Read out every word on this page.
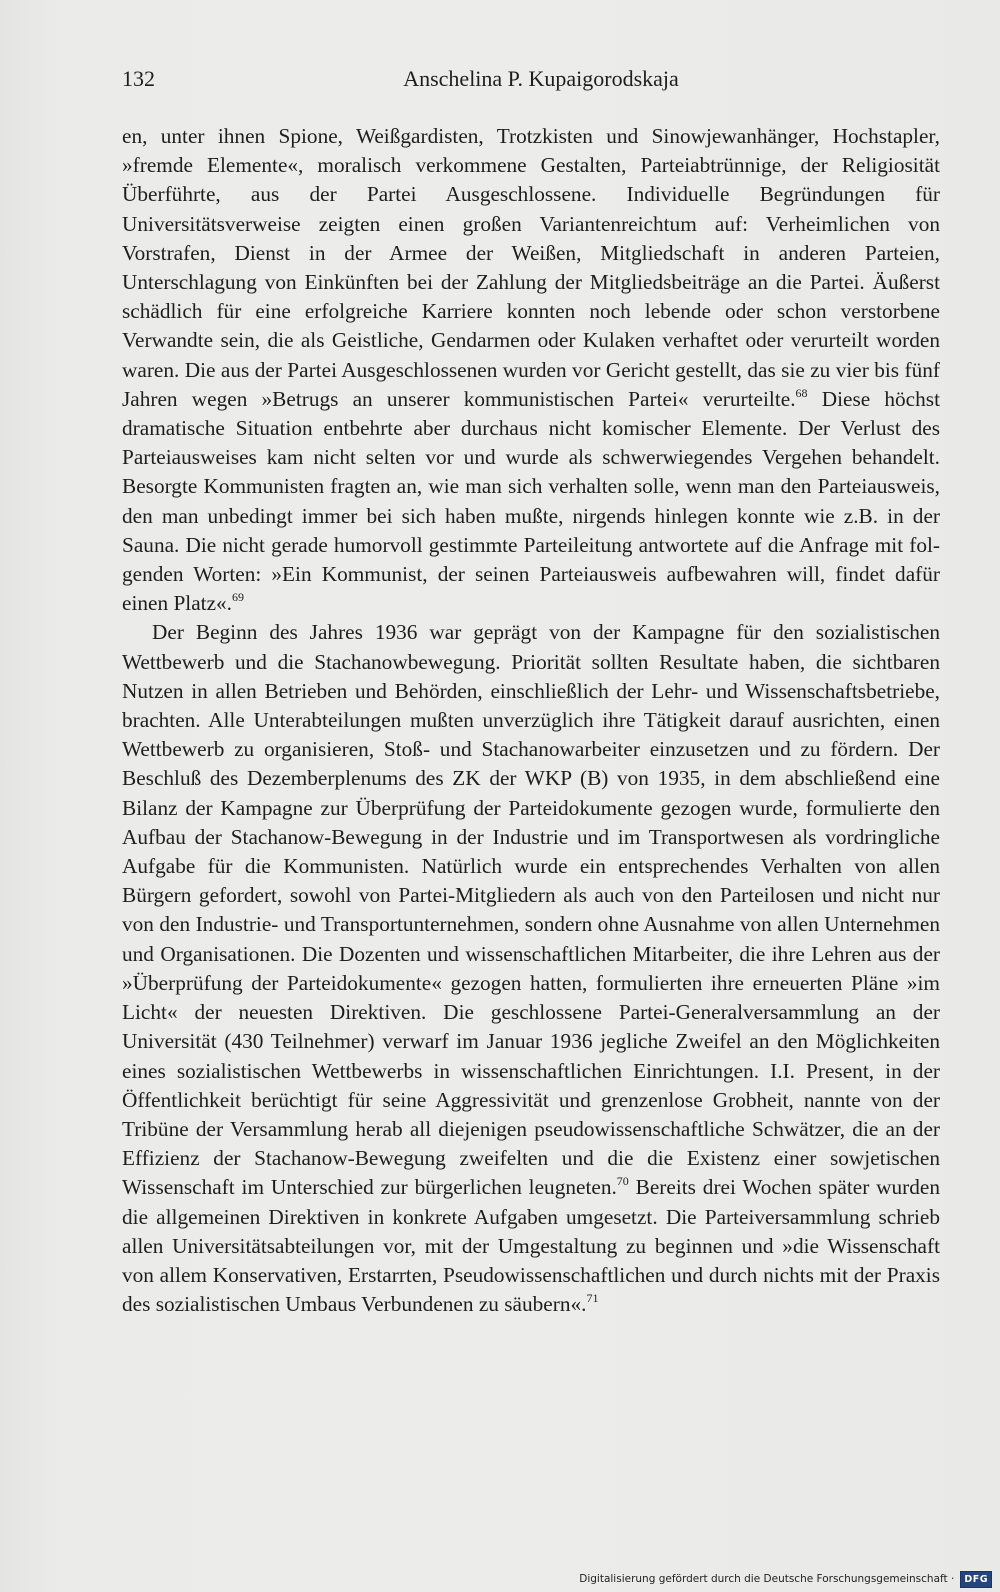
132	Anschelina P. Kupaigorodskaja

en, unter ihnen Spione, Weißgardisten, Trotzkisten und Sinowjewanhänger, Hochstapler, »fremde Elemente«, moralisch verkommene Gestalten, Parteiabtrünnige, der Religiosität Überführte, aus der Partei Ausgeschlossene. Individuelle Begründungen für Universitätsverweise zeigten einen großen Variantenreichtum auf: Verheimlichen von Vorstrafen, Dienst in der Armee der Weißen, Mitgliedschaft in anderen Parteien, Unterschlagung von Einkünften bei der Zahlung der Mitgliedsbeiträge an die Partei. Äußerst schädlich für eine erfolgreiche Karriere konnten noch lebende oder schon verstorbene Verwandte sein, die als Geistliche, Gendarmen oder Kulaken verhaftet oder verurteilt worden waren. Die aus der Partei Ausgeschlossenen wurden vor Gericht gestellt, das sie zu vier bis fünf Jahren wegen »Betrugs an unserer kommunistischen Partei« verurteilte.$^{68}$ Diese höchst dramatische Situation entbehrte aber durchaus nicht komischer Elemente. Der Verlust des Parteiausweises kam nicht selten vor und wurde als schwerwiegendes Vergehen behandelt. Besorgte Kommunisten fragten an, wie man sich verhalten solle, wenn man den Parteiausweis, den man unbedingt immer bei sich haben mußte, nirgends hinlegen konnte wie z.B. in der Sauna. Die nicht gerade humorvoll gestimmte Parteileitung antwortete auf die Anfrage mit folgenden Worten: »Ein Kommunist, der seinen Parteiausweis aufbewahren will, findet dafür einen Platz«.$^{69}$

Der Beginn des Jahres 1936 war geprägt von der Kampagne für den sozialistischen Wettbewerb und die Stachanowbewegung. Priorität sollten Resultate haben, die sichtbaren Nutzen in allen Betrieben und Behörden, einschließlich der Lehr- und Wissenschaftsbetriebe, brachten. Alle Unterabteilungen mußten unverzüglich ihre Tätigkeit darauf ausrichten, einen Wettbewerb zu organisieren, Stoß- und Stachanowarbeiter einzusetzen und zu fördern. Der Beschluß des Dezemberplenums des ZK der WKP (B) von 1935, in dem abschließend eine Bilanz der Kampagne zur Überprüfung der Parteidokumente gezogen wurde, formulierte den Aufbau der Stachanow-Bewegung in der Industrie und im Transportwesen als vordringliche Aufgabe für die Kommunisten. Natürlich wurde ein entsprechendes Verhalten von allen Bürgern gefordert, sowohl von Partei-Mitgliedern als auch von den Parteilosen und nicht nur von den Industrie- und Transportunternehmen, sondern ohne Ausnahme von allen Unternehmen und Organisationen. Die Dozenten und wissenschaftlichen Mitarbeiter, die ihre Lehren aus der »Überprüfung der Parteidokumente« gezogen hatten, formulierten ihre erneuerten Pläne »im Licht« der neuesten Direktiven. Die geschlossene Partei-Generalversammlung an der Universität (430 Teilnehmer) verwarf im Januar 1936 jegliche Zweifel an den Möglichkeiten eines sozialistischen Wettbewerbs in wissenschaftlichen Einrichtungen. I.I. Present, in der Öffentlichkeit berüchtigt für seine Aggressivität und grenzenlose Grobheit, nannte von der Tribüne der Versammlung herab all diejenigen pseudowissenschaftliche Schwätzer, die an der Effizienz der Stachanow-Bewegung zweifelten und die die Existenz einer sowjetischen Wissenschaft im Unterschied zur bürgerlichen leugneten.$^{70}$ Bereits drei Wochen später wurden die allgemeinen Direktiven in konkrete Aufgaben umgesetzt. Die Parteiversammlung schrieb allen Universitätsabteilungen vor, mit der Umgestaltung zu beginnen und »die Wissenschaft von allem Konservativen, Erstarrten, Pseudowissenschaftlichen und durch nichts mit der Praxis des sozialistischen Umbaus Verbundenen zu säubern«.$^{71}$

Digitalisierung gefördert durch die Deutsche Forschungsgemeinschaft ·	DFG
